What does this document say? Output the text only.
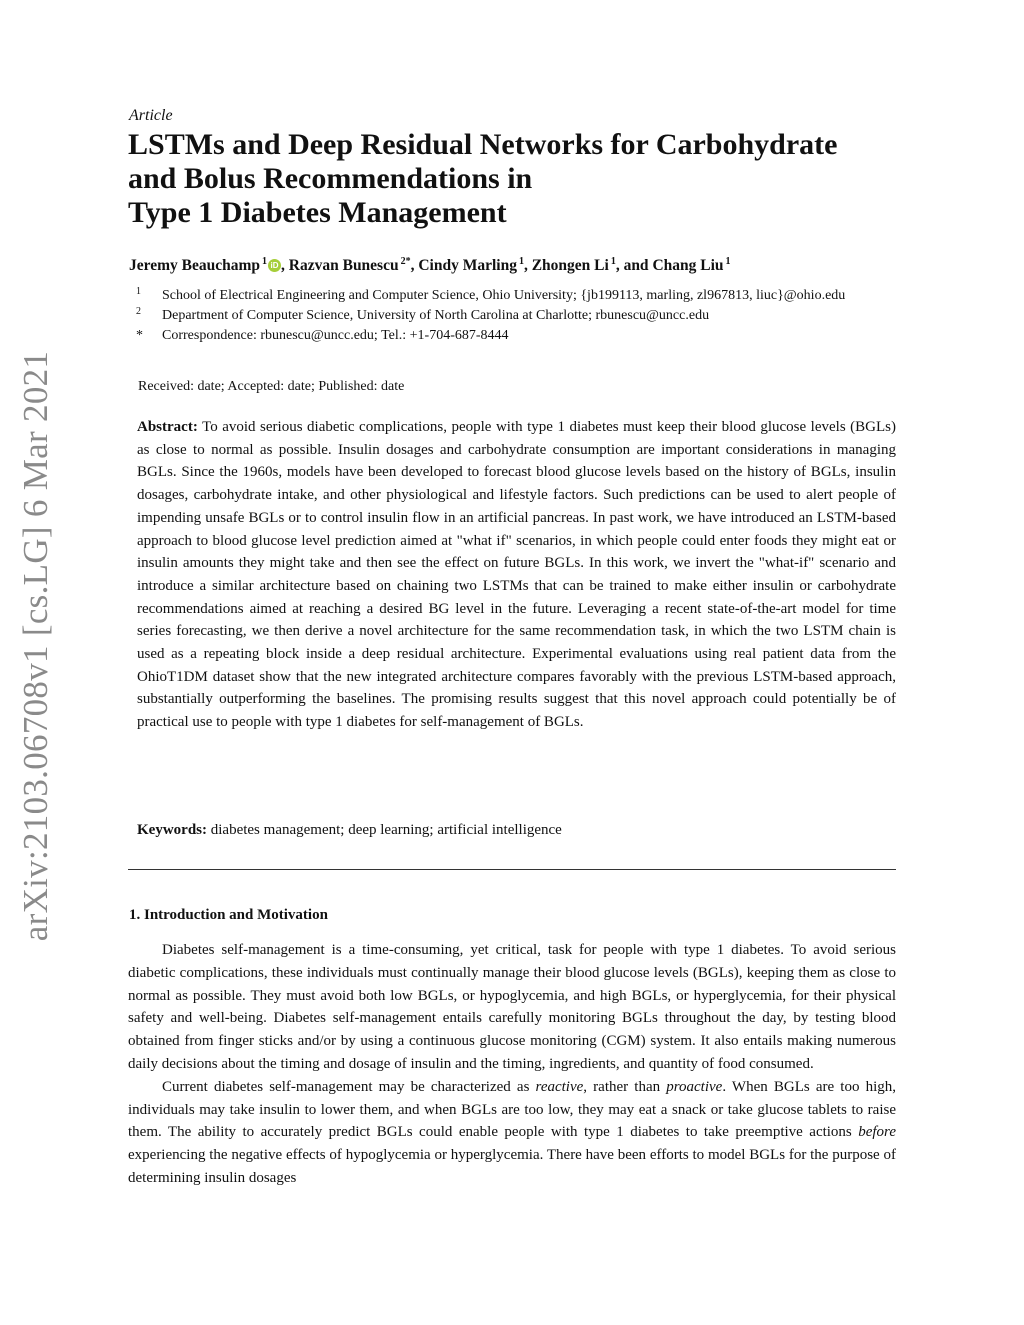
arXiv:2103.06708v1 [cs.LG] 6 Mar 2021
Article
LSTMs and Deep Residual Networks for Carbohydrate
and Bolus Recommendations in
Type 1 Diabetes Management
Jeremy Beauchamp $^1$ iD , Razvan Bunescu $^{2*}$, Cindy Marling $^1$, Zhongen Li $^1$, and Chang Liu $^1$
1 School of Electrical Engineering and Computer Science, Ohio University; {jb199113, marling, zl967813, liuc}@ohio.edu
2 Department of Computer Science, University of North Carolina at Charlotte; rbunescu@uncc.edu
* Correspondence: rbunescu@uncc.edu; Tel.: +1-704-687-8444
Received: date; Accepted: date; Published: date

Abstract: To avoid serious diabetic complications, people with type 1 diabetes must keep their blood glucose levels (BGLs) as close to normal as possible. Insulin dosages and carbohydrate consumption are important considerations in managing BGLs. Since the 1960s, models have been developed to forecast blood glucose levels based on the history of BGLs, insulin dosages, carbohydrate intake, and other physiological and lifestyle factors. Such predictions can be used to alert people of impending unsafe BGLs or to control insulin flow in an artificial pancreas. In past work, we have introduced an LSTM-based approach to blood glucose level prediction aimed at "what if" scenarios, in which people could enter foods they might eat or insulin amounts they might take and then see the effect on future BGLs. In this work, we invert the "what-if" scenario and introduce a similar architecture based on chaining two LSTMs that can be trained to make either insulin or carbohydrate recommendations aimed at reaching a desired BG level in the future. Leveraging a recent state-of-the-art model for time series forecasting, we then derive a novel architecture for the same recommendation task, in which the two LSTM chain is used as a repeating block inside a deep residual architecture. Experimental evaluations using real patient data from the OhioT1DM dataset show that the new integrated architecture compares favorably with the previous LSTM-based approach, substantially outperforming the baselines. The promising results suggest that this novel approach could potentially be of practical use to people with type 1 diabetes for self-management of BGLs.

Keywords: diabetes management; deep learning; artificial intelligence
1. Introduction and Motivation

Diabetes self-management is a time-consuming, yet critical, task for people with type 1 diabetes. To avoid serious diabetic complications, these individuals must continually manage their blood glucose levels (BGLs), keeping them as close to normal as possible. They must avoid both low BGLs, or hypoglycemia, and high BGLs, or hyperglycemia, for their physical safety and well-being. Diabetes self-management entails carefully monitoring BGLs throughout the day, by testing blood obtained from finger sticks and/or by using a continuous glucose monitoring (CGM) system. It also entails making numerous daily decisions about the timing and dosage of insulin and the timing, ingredients, and quantity of food consumed.

Current diabetes self-management may be characterized as reactive, rather than proactive. When BGLs are too high, individuals may take insulin to lower them, and when BGLs are too low, they may eat a snack or take glucose tablets to raise them. The ability to accurately predict BGLs could enable people with type 1 diabetes to take preemptive actions before experiencing the negative effects of hypoglycemia or hyperglycemia. There have been efforts to model BGLs for the purpose of determining insulin dosages
